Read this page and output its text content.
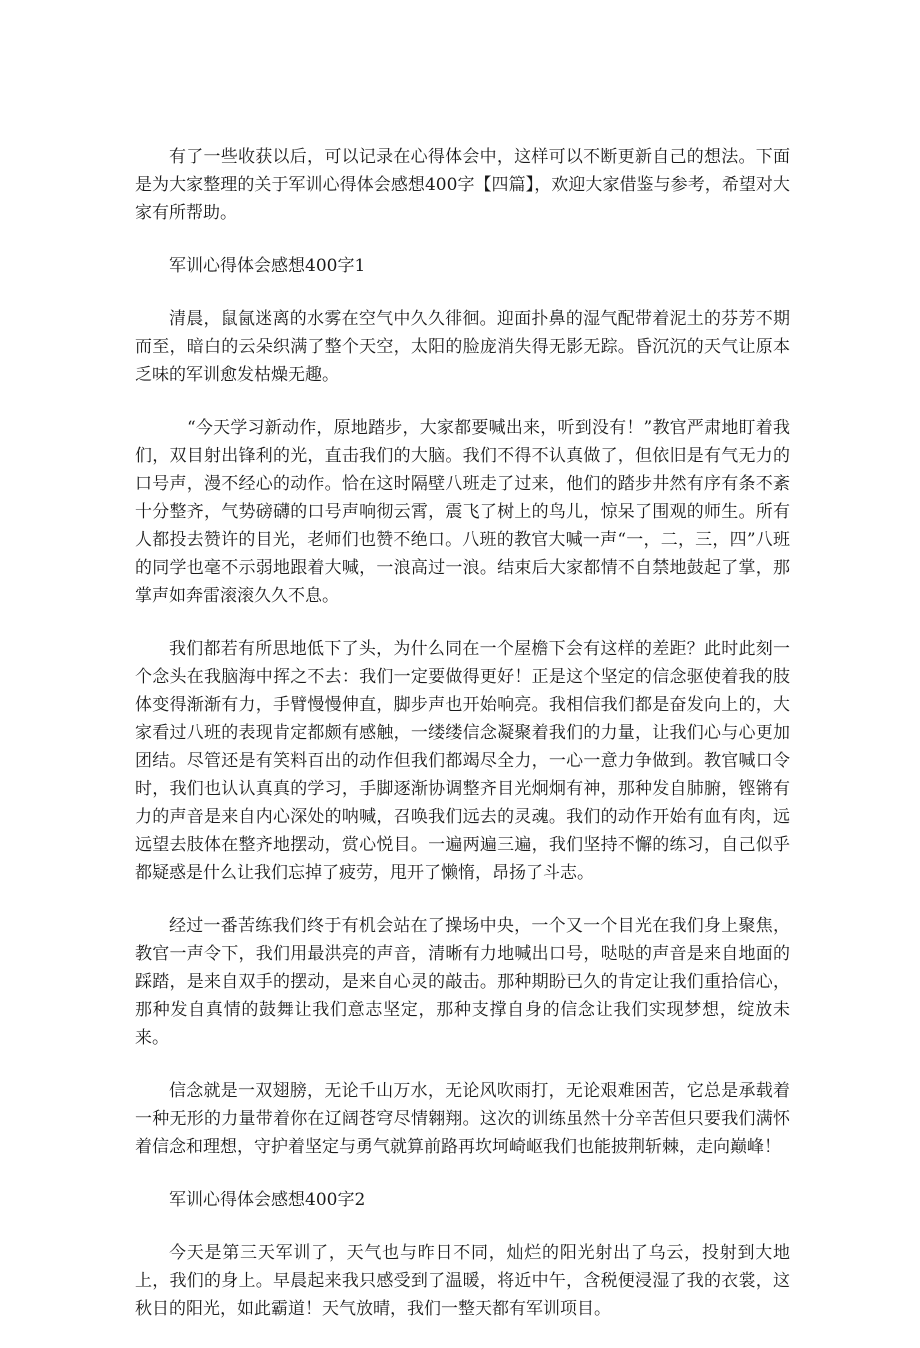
有了一些收获以后，可以记录在心得体会中，这样可以不断更新自己的想法。下面是为大家整理的关于军训心得体会感想400字【四篇】，欢迎大家借鉴与参考，希望对大家有所帮助。

军训心得体会感想400字1

清晨，鼠氤迷离的水雾在空气中久久徘徊。迎面扑鼻的湿气配带着泥土的芬芳不期而至，暗白的云朵织满了整个天空，太阳的脸庞消失得无影无踪。昏沉沉的天气让原本乏味的军训愈发枯燥无趣。

“今天学习新动作，原地踏步，大家都要喊出来，听到没有！”教官严肃地盯着我们，双目射出锋利的光，直击我们的大脑。我们不得不认真做了，但依旧是有气无力的口号声，漫不经心的动作。恰在这时隔壁八班走了过来，他们的踏步井然有序有条不紊十分整齐，气势磅礴的口号声响彻云霄，震飞了树上的鸟儿，惊呆了围观的师生。所有人都投去赞许的目光，老师们也赞不绝口。八班的教官大喊一声“一，二，三，四”八班的同学也毫不示弱地跟着大喊，一浪高过一浪。结束后大家都情不自禁地鼓起了掌，那掌声如奔雷滚滚久久不息。

我们都若有所思地低下了头，为什么同在一个屋檐下会有这样的差距？此时此刻一个念头在我脑海中挥之不去：我们一定要做得更好！正是这个坚定的信念驱使着我的肢体变得渐渐有力，手臂慢慢伸直，脚步声也开始响亮。我相信我们都是奋发向上的，大家看过八班的表现肯定都颇有感触，一缕缕信念凝聚着我们的力量，让我们心与心更加团结。尽管还是有笑料百出的动作但我们都竭尽全力，一心一意力争做到。教官喊口令时，我们也认认真真的学习，手脚逐渐协调整齐目光炯炯有神，那种发自肺腑，铿锵有力的声音是来自内心深处的呐喊，召唤我们远去的灵魂。我们的动作开始有血有肉，远远望去肢体在整齐地摆动，赏心悦目。一遍两遍三遍，我们坚持不懈的练习，自己似乎都疑惑是什么让我们忘掉了疲劳，甩开了懒惰，昂扬了斗志。

经过一番苦练我们终于有机会站在了操场中央，一个又一个目光在我们身上聚焦，教官一声令下，我们用最洪亮的声音，清晰有力地喊出口号，哒哒的声音是来自地面的踩踏，是来自双手的摆动，是来自心灵的敲击。那种期盼已久的肯定让我们重拾信心，那种发自真情的鼓舞让我们意志坚定，那种支撑自身的信念让我们实现梦想，绽放未来。

信念就是一双翅膀，无论千山万水，无论风吹雨打，无论艰难困苦，它总是承载着一种无形的力量带着你在辽阔苍穹尽情翱翔。这次的训练虽然十分辛苦但只要我们满怀着信念和理想，守护着坚定与勇气就算前路再坎坷崎岖我们也能披荆斩棘，走向巅峰！

军训心得体会感想400字2

今天是第三天军训了，天气也与昨日不同，灿烂的阳光射出了乌云，投射到大地上，我们的身上。早晨起来我只感受到了温暖，将近中午，含税便浸湿了我的衣裳，这秋日的阳光，如此霸道！天气放晴，我们一整天都有军训项目。
